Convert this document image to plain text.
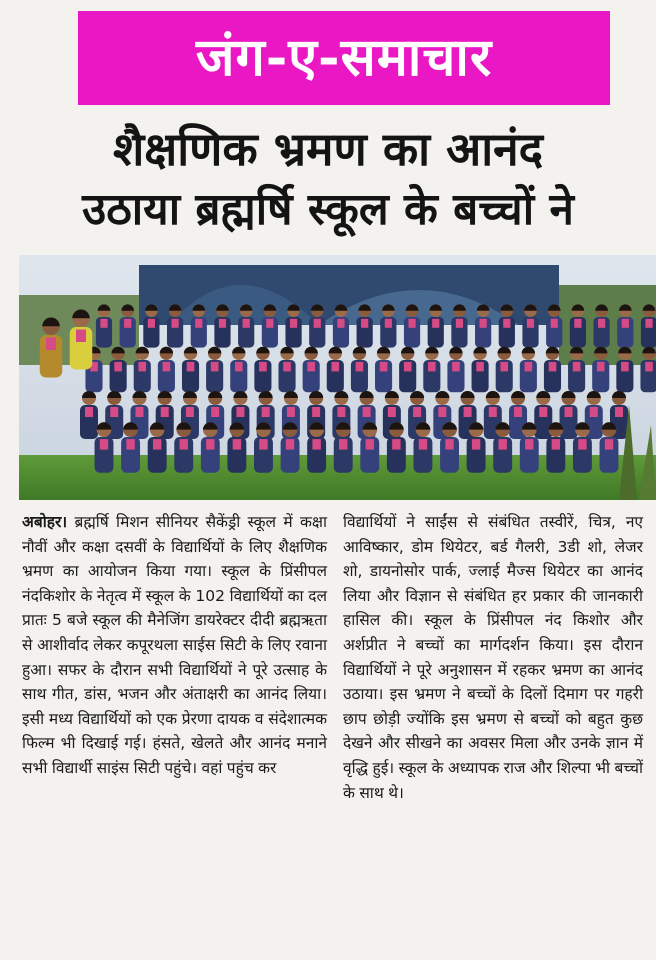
जंग-ए-समाचार
शैक्षणिक भ्रमण का आनंद
उठाया ब्रह्मर्षि स्कूल के बच्चों ने

अबोहर। ब्रह्मर्षि मिशन सीनियर सैकेंड्री स्कूल में कक्षा नौवीं और कक्षा दसवीं के विद्यार्थियों के लिए शैक्षणिक भ्रमण का आयोजन किया गया। स्कूल के प्रिंसीपल नंदकिशोर के नेतृत्व में स्कूल के 102 विद्यार्थियों का दल प्रातः 5 बजे स्कूल की मैनेजिंग डायरेक्टर दीदी ब्रह्मऋता से आशीर्वाद लेकर कपूरथला साईस सिटी के लिए रवाना हुआ। सफर के दौरान सभी विद्यार्थियों ने पूरे उत्साह के साथ गीत, डांस, भजन और अंताक्षरी का आनंद लिया। इसी मध्य विद्यार्थियों को एक प्रेरणा दायक व संदेशात्मक फिल्म भी दिखाई गई। हंसते, खेलते और आनंद मनाने सभी विद्यार्थी साइंस सिटी पहुंचे। वहां पहुंच कर

विद्यार्थियों ने साईंस से संबंधित तस्वीरें, चित्र, नए आविष्कार, डोम थियेटर, बर्ड गैलरी, 3डी शो, लेजर शो, डायनोसोर पार्क, ज्लाई मैज्स थियेटर का आनंद लिया और विज्ञान से संबंधित हर प्रकार की जानकारी हासिल की। स्कूल के प्रिंसीपल नंद किशोर और अर्शप्रीत ने बच्चों का मार्गदर्शन किया। इस दौरान विद्यार्थियों ने पूरे अनुशासन में रहकर भ्रमण का आनंद उठाया। इस भ्रमण ने बच्चों के दिलों दिमाग पर गहरी छाप छोड़ी ज्योंकि इस भ्रमण से बच्चों को बहुत कुछ देखने और सीखने का अवसर मिला और उनके ज्ञान में वृद्धि हुई। स्कूल के अध्यापक राज और शिल्पा भी बच्चों के साथ थे।
